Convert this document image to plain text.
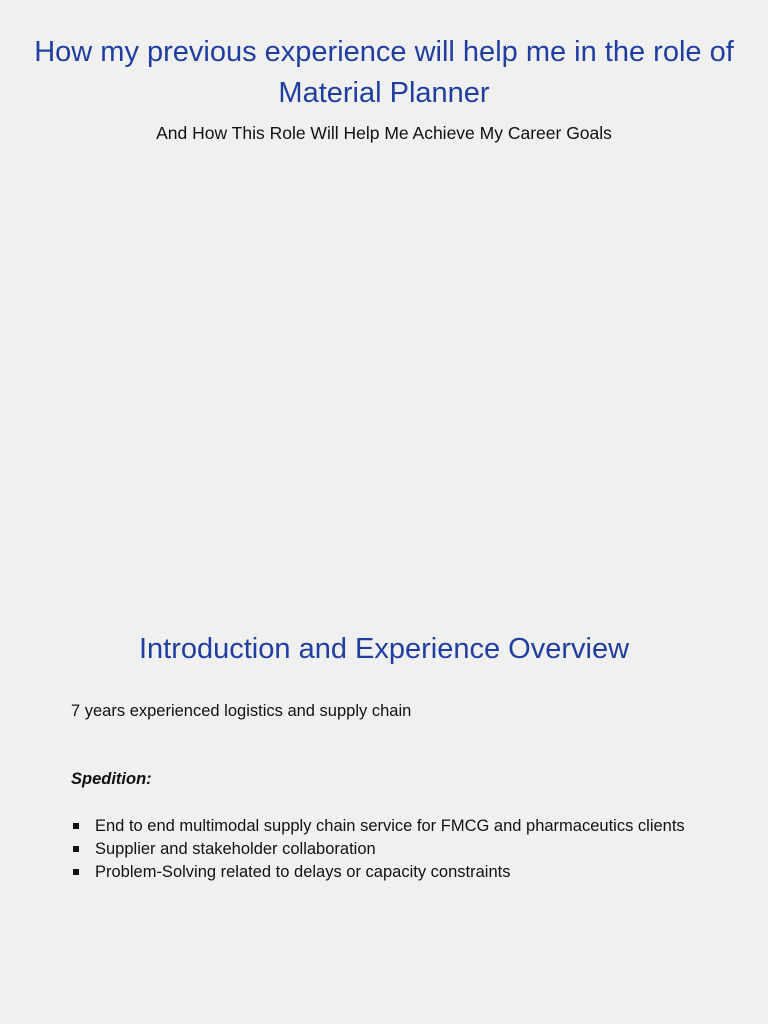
How my previous experience will help me in the role of Material Planner

And How This Role Will Help Me Achieve My Career Goals

Introduction and Experience Overview

7 years experienced logistics and supply chain

Spedition:

End to end multimodal supply chain service for FMCG and pharmaceutics clients
Supplier and stakeholder collaboration
Problem-Solving related to delays or capacity constraints
